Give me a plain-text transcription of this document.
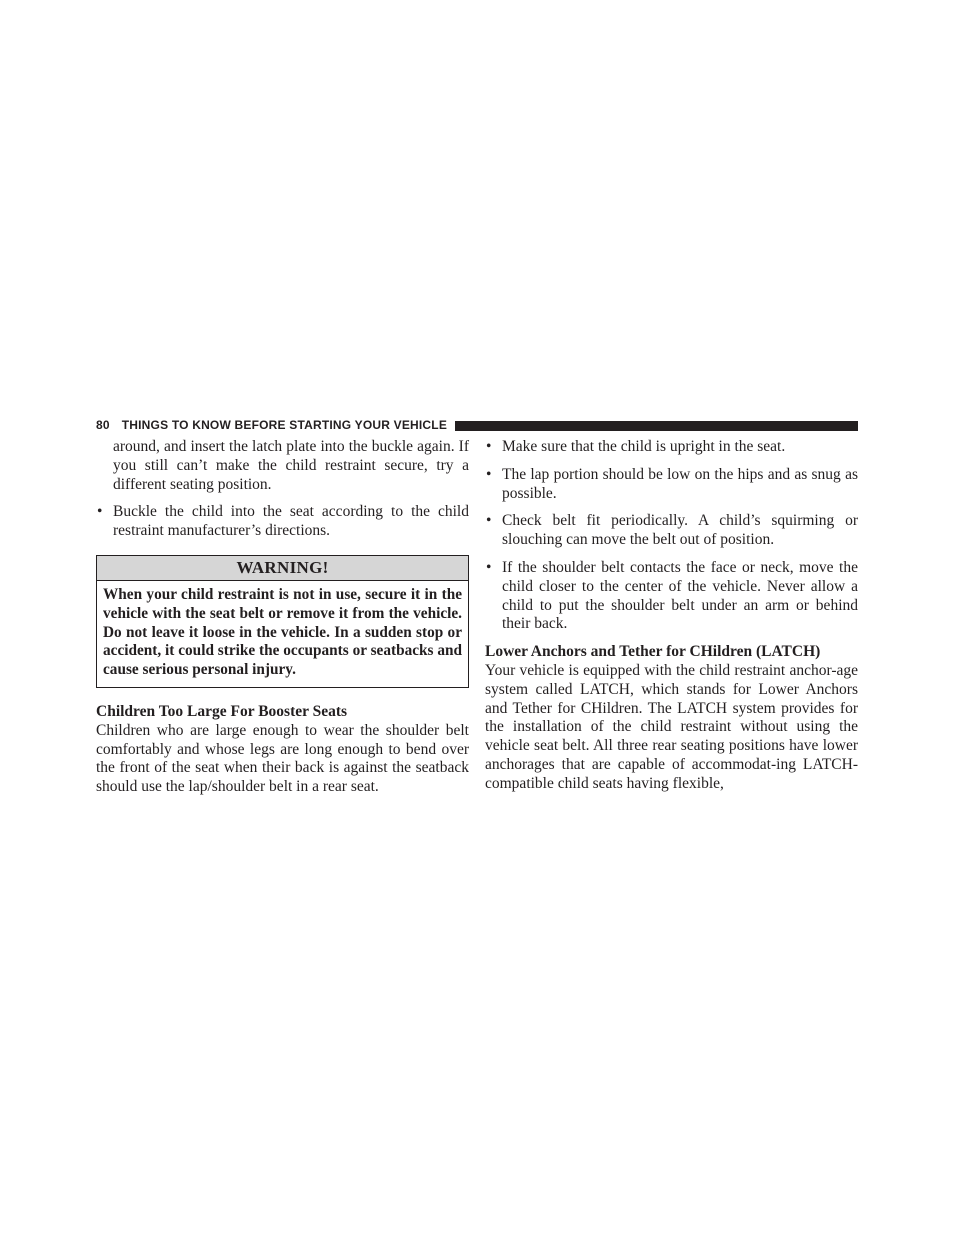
80 THINGS TO KNOW BEFORE STARTING YOUR VEHICLE

around, and insert the latch plate into the buckle again. If you still can’t make the child restraint secure, try a different seating position.

• Buckle the child into the seat according to the child restraint manufacturer’s directions.
WARNING!
When your child restraint is not in use, secure it in the vehicle with the seat belt or remove it from the vehicle. Do not leave it loose in the vehicle. In a sudden stop or accident, it could strike the occupants or seatbacks and cause serious personal injury.

Children Too Large For Booster Seats

Children who are large enough to wear the shoulder belt comfortably and whose legs are long enough to bend over the front of the seat when their back is against the seatback should use the lap/shoulder belt in a rear seat.

• Make sure that the child is upright in the seat.
• The lap portion should be low on the hips and as snug as possible.
• Check belt fit periodically. A child’s squirming or slouching can move the belt out of position.
• If the shoulder belt contacts the face or neck, move the child closer to the center of the vehicle. Never allow a child to put the shoulder belt under an arm or behind their back.

Lower Anchors and Tether for CHildren (LATCH)

Your vehicle is equipped with the child restraint anchor-age system called LATCH, which stands for Lower Anchors and Tether for CHildren. The LATCH system provides for the installation of the child restraint without using the vehicle seat belt. All three rear seating positions have lower anchorages that are capable of accommodat-ing LATCH-compatible child seats having flexible,
